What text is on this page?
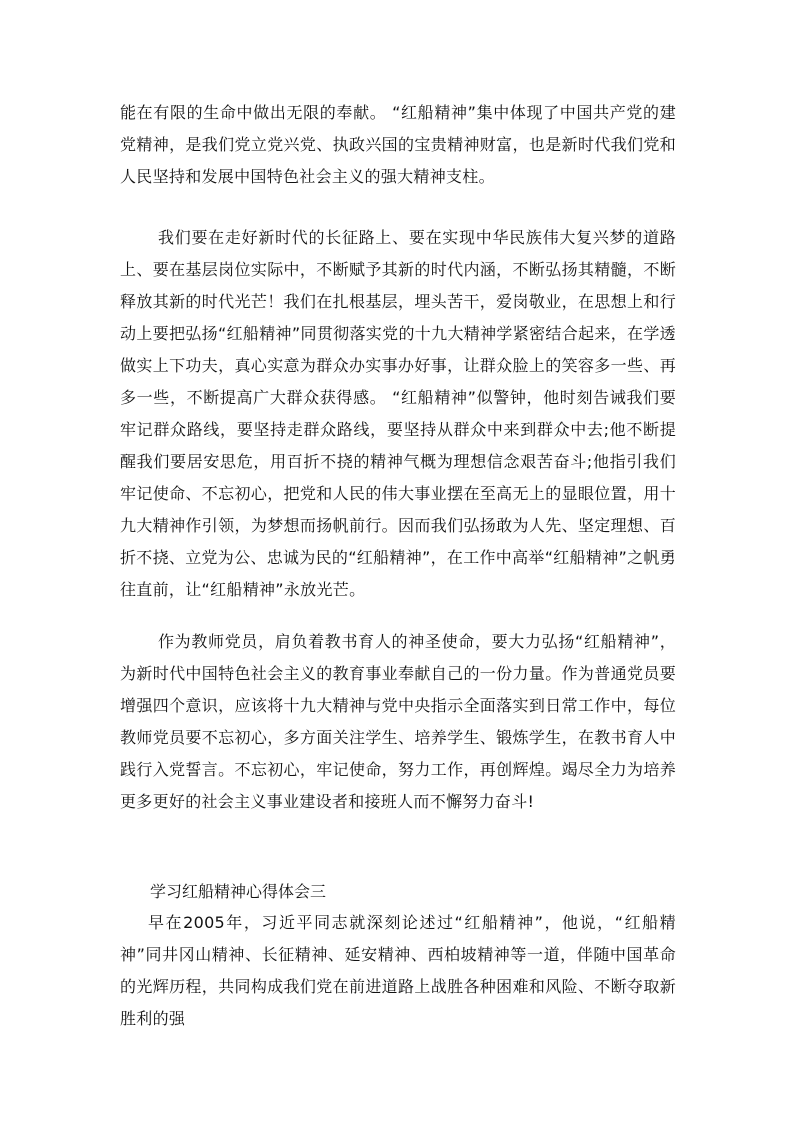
能在有限的生命中做出无限的奉献。 “红船精神”集中体现了中国共产党的建党精神，是我们党立党兴党、执政兴国的宝贵精神财富，也是新时代我们党和人民坚持和发展中国特色社会主义的强大精神支柱。

我们要在走好新时代的长征路上、要在实现中华民族伟大复兴梦的道路上、要在基层岗位实际中，不断赋予其新的时代内涵，不断弘扬其精髓，不断释放其新的时代光芒！我们在扎根基层，埋头苦干，爱岗敬业，在思想上和行动上要把弘扬“红船精神”同贯彻落实党的十九大精神学紧密结合起来，在学透做实上下功夫，真心实意为群众办实事办好事，让群众脸上的笑容多一些、再多一些，不断提高广大群众获得感。 “红船精神”似警钟，他时刻告诫我们要牢记群众路线，要坚持走群众路线，要坚持从群众中来到群众中去;他不断提醒我们要居安思危，用百折不挠的精神气概为理想信念艰苦奋斗;他指引我们牢记使命、不忘初心，把党和人民的伟大事业摆在至高无上的显眼位置，用十九大精神作引领，为梦想而扬帆前行。因而我们弘扬敢为人先、坚定理想、百折不挠、立党为公、忠诚为民的“红船精神”，在工作中高举“红船精神”之帆勇往直前，让“红船精神”永放光芒。

作为教师党员，肩负着教书育人的神圣使命，要大力弘扬“红船精神”，为新时代中国特色社会主义的教育事业奉献自己的一份力量。作为普通党员要增强四个意识，应该将十九大精神与党中央指示全面落实到日常工作中，每位教师党员要不忘初心，多方面关注学生、培养学生、锻炼学生，在教书育人中践行入党誓言。不忘初心，牢记使命，努力工作，再创辉煌。竭尽全力为培养更多更好的社会主义事业建设者和接班人而不懈努力奋斗!

学习红船精神心得体会三

早在2005年，习近平同志就深刻论述过“红船精神”，他说，“红船精神”同井冈山精神、长征精神、延安精神、西柏坡精神等一道，伴随中国革命的光辉历程，共同构成我们党在前进道路上战胜各种困难和风险、不断夺取新胜利的强
